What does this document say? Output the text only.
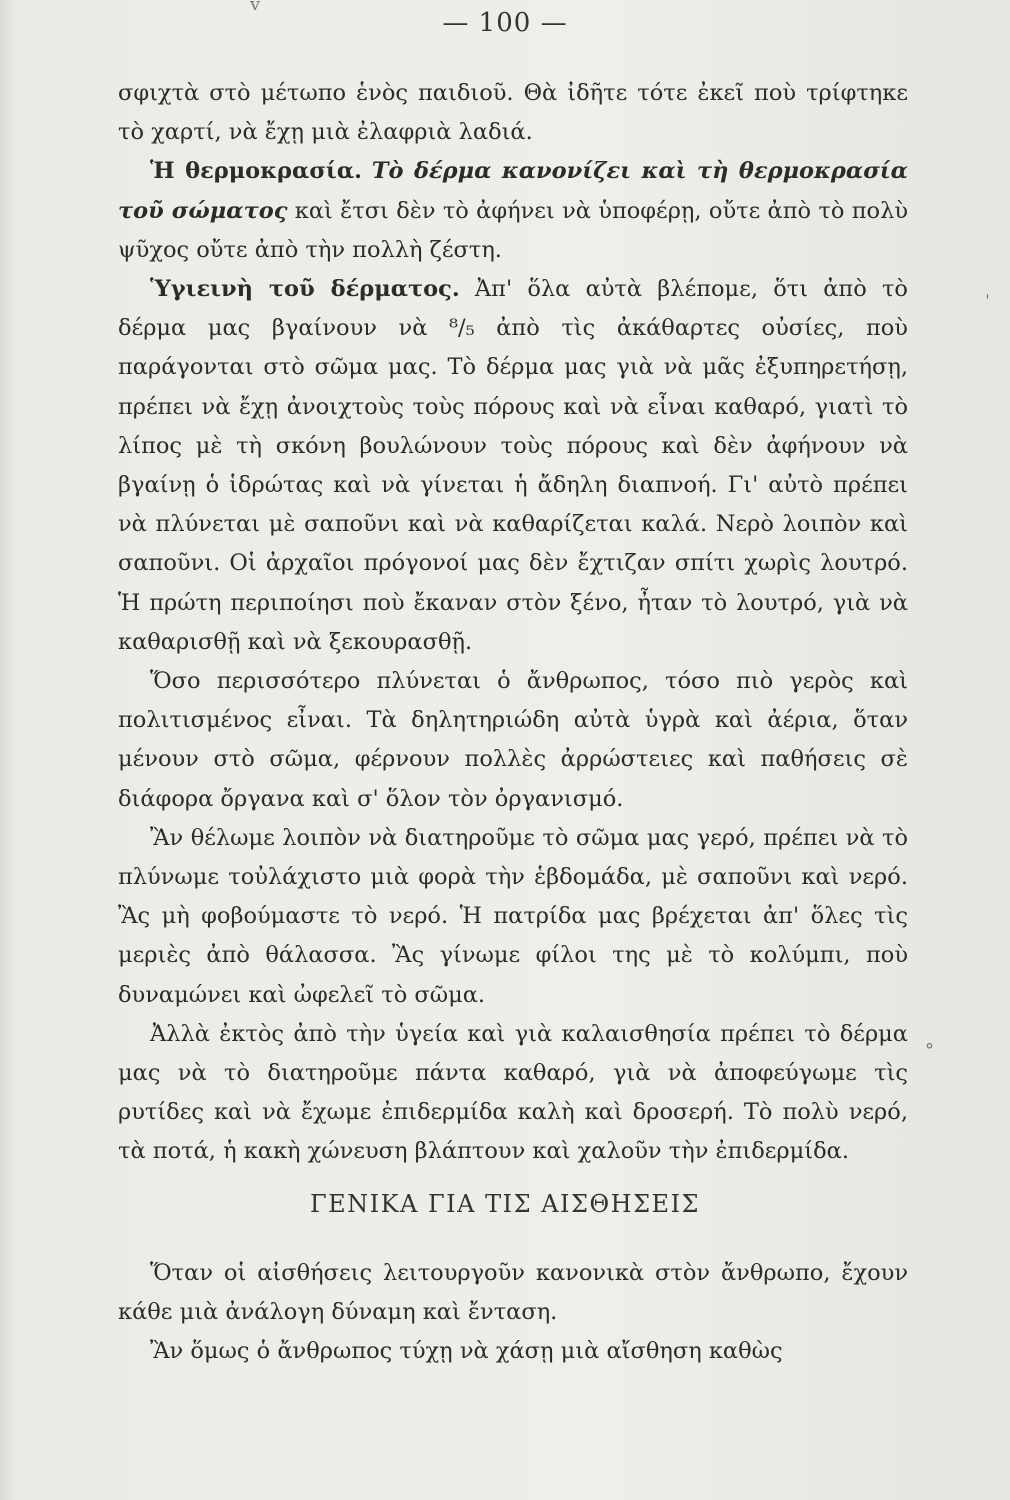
v
— 100 —

σφιχτὰ στὸ μέτωπο ἑνὸς παιδιοῦ. Θὰ ἰδῆτε τότε ἐκεῖ ποὺ τρίφτηκε τὸ χαρτί, νὰ ἔχῃ μιὰ ἐλαφριὰ λαδιά.

Ἡ θερμοκρασία. Τὸ δέρμα κανονίζει καὶ τὴ θερμοκρασία τοῦ σώματος καὶ ἔτσι δὲν τὸ ἀφήνει νὰ ὑποφέρῃ, οὔτε ἀπὸ τὸ πολὺ ψῦχος οὔτε ἀπὸ τὴν πολλὴ ζέστη.

Ὑγιεινὴ τοῦ δέρματος. Ἀπ' ὅλα αὐτὰ βλέπομε, ὅτι ἀπὸ τὸ δέρμα μας βγαίνουν νὰ ⁸/₅ ἀπὸ τὶς ἀκάθαρτες οὐσίες, ποὺ παράγονται στὸ σῶμα μας. Τὸ δέρμα μας γιὰ νὰ μᾶς ἐξυπηρετήσῃ, πρέπει νὰ ἔχῃ ἀνοιχτοὺς τοὺς πόρους καὶ νὰ εἶναι καθαρό, γιατὶ τὸ λίπος μὲ τὴ σκόνη βουλώνουν τοὺς πόρους καὶ δὲν ἀφήνουν νὰ βγαίνῃ ὁ ἱδρώτας καὶ νὰ γίνεται ἡ ἄδηλη διαπνοή. Γι' αὐτὸ πρέπει νὰ πλύνεται μὲ σαποῦνι καὶ νὰ καθαρίζεται καλά. Νερὸ λοιπὸν καὶ σαποῦνι. Οἱ ἀρχαῖοι πρόγονοί μας δὲν ἔχτιζαν σπίτι χωρὶς λουτρό. Ἡ πρώτη περιποίησι ποὺ ἔκαναν στὸν ξένο, ἦταν τὸ λουτρό, γιὰ νὰ καθαρισθῇ καὶ νὰ ξεκουρασθῇ.

Ὅσο περισσότερο πλύνεται ὁ ἄνθρωπος, τόσο πιὸ γερὸς καὶ πολιτισμένος εἶναι. Τὰ δηλητηριώδη αὐτὰ ὑγρὰ καὶ ἀέρια, ὅταν μένουν στὸ σῶμα, φέρνουν πολλὲς ἀρρώστειες καὶ παθήσεις σὲ διάφορα ὄργανα καὶ σ' ὅλον τὸν ὀργανισμό.

Ἂν θέλωμε λοιπὸν νὰ διατηροῦμε τὸ σῶμα μας γερό, πρέπει νὰ τὸ πλύνωμε τοὐλάχιστο μιὰ φορὰ τὴν ἑβδομάδα, μὲ σαποῦνι καὶ νερό. Ἂς μὴ φοβούμαστε τὸ νερό. Ἡ πατρίδα μας βρέχεται ἀπ' ὅλες τὶς μεριὲς ἀπὸ θάλασσα. Ἂς γίνωμε φίλοι της μὲ τὸ κολύμπι, ποὺ δυναμώνει καὶ ὠφελεῖ τὸ σῶμα.

Ἀλλὰ ἐκτὸς ἀπὸ τὴν ὑγεία καὶ γιὰ καλαισθησία πρέπει τὸ δέρμα μας νὰ τὸ διατηροῦμε πάντα καθαρό, γιὰ νὰ ἀποφεύγωμε τὶς ρυτίδες καὶ νὰ ἔχωμε ἐπιδερμίδα καλὴ καὶ δροσερή. Τὸ πολὺ νερό, τὰ ποτά, ἡ κακὴ χώνευση βλάπτουν καὶ χαλοῦν τὴν ἐπιδερμίδα.

ΓΕΝΙΚΑ ΓΙΑ ΤΙΣ ΑΙΣΘΗΣΕΙΣ

Ὅταν οἱ αἰσθήσεις λειτουργοῦν κανονικὰ στὸν ἄνθρωπο, ἔχουν κάθε μιὰ ἀνάλογη δύναμη καὶ ἔνταση.

Ἂν ὅμως ὁ ἄνθρωπος τύχῃ νὰ χάσῃ μιὰ αἴσθηση καθὼς

ˈ
°
